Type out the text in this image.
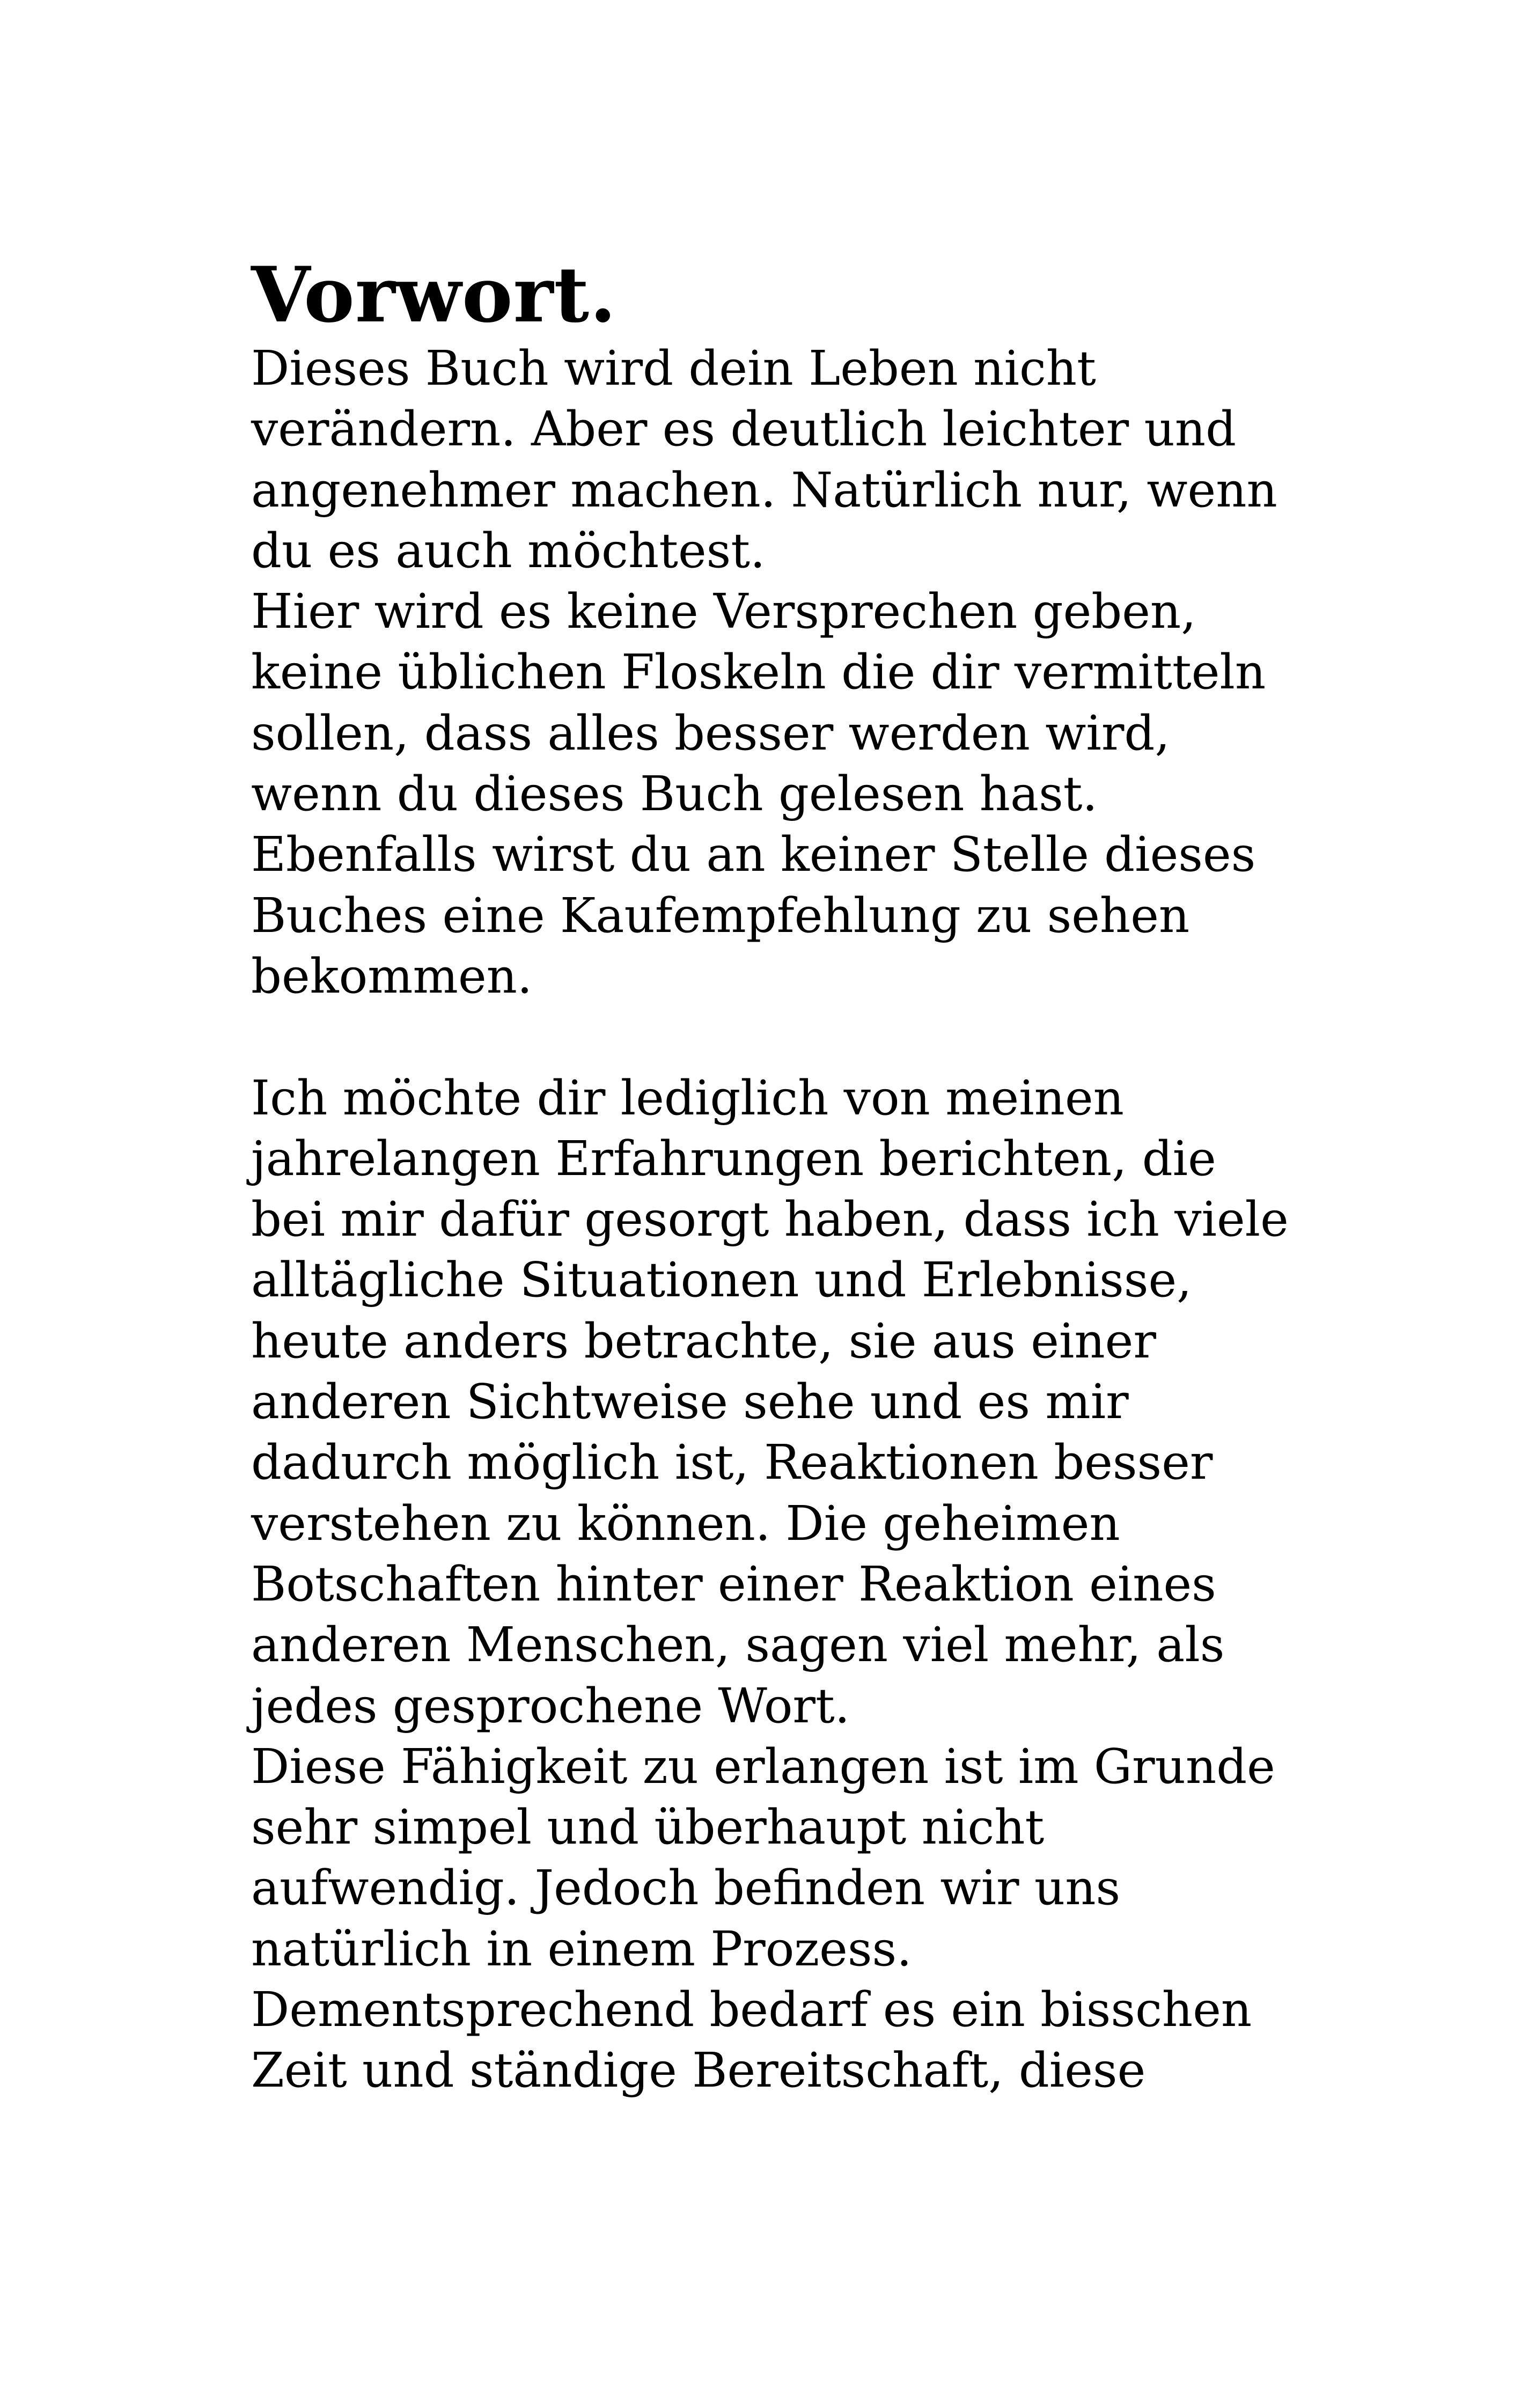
Vorwort.
Dieses Buch wird dein Leben nicht
verändern. Aber es deutlich leichter und
angenehmer machen. Natürlich nur, wenn
du es auch möchtest.
Hier wird es keine Versprechen geben,
keine üblichen Floskeln die dir vermitteln
sollen, dass alles besser werden wird,
wenn du dieses Buch gelesen hast.
Ebenfalls wirst du an keiner Stelle dieses
Buches eine Kaufempfehlung zu sehen
bekommen.
Ich möchte dir lediglich von meinen
jahrelangen Erfahrungen berichten, die
bei mir dafür gesorgt haben, dass ich viele
alltägliche Situationen und Erlebnisse,
heute anders betrachte, sie aus einer
anderen Sichtweise sehe und es mir
dadurch möglich ist, Reaktionen besser
verstehen zu können. Die geheimen
Botschaften hinter einer Reaktion eines
anderen Menschen, sagen viel mehr, als
jedes gesprochene Wort.
Diese Fähigkeit zu erlangen ist im Grunde
sehr simpel und überhaupt nicht
aufwendig. Jedoch befinden wir uns
natürlich in einem Prozess.
Dementsprechend bedarf es ein bisschen
Zeit und ständige Bereitschaft, diese
